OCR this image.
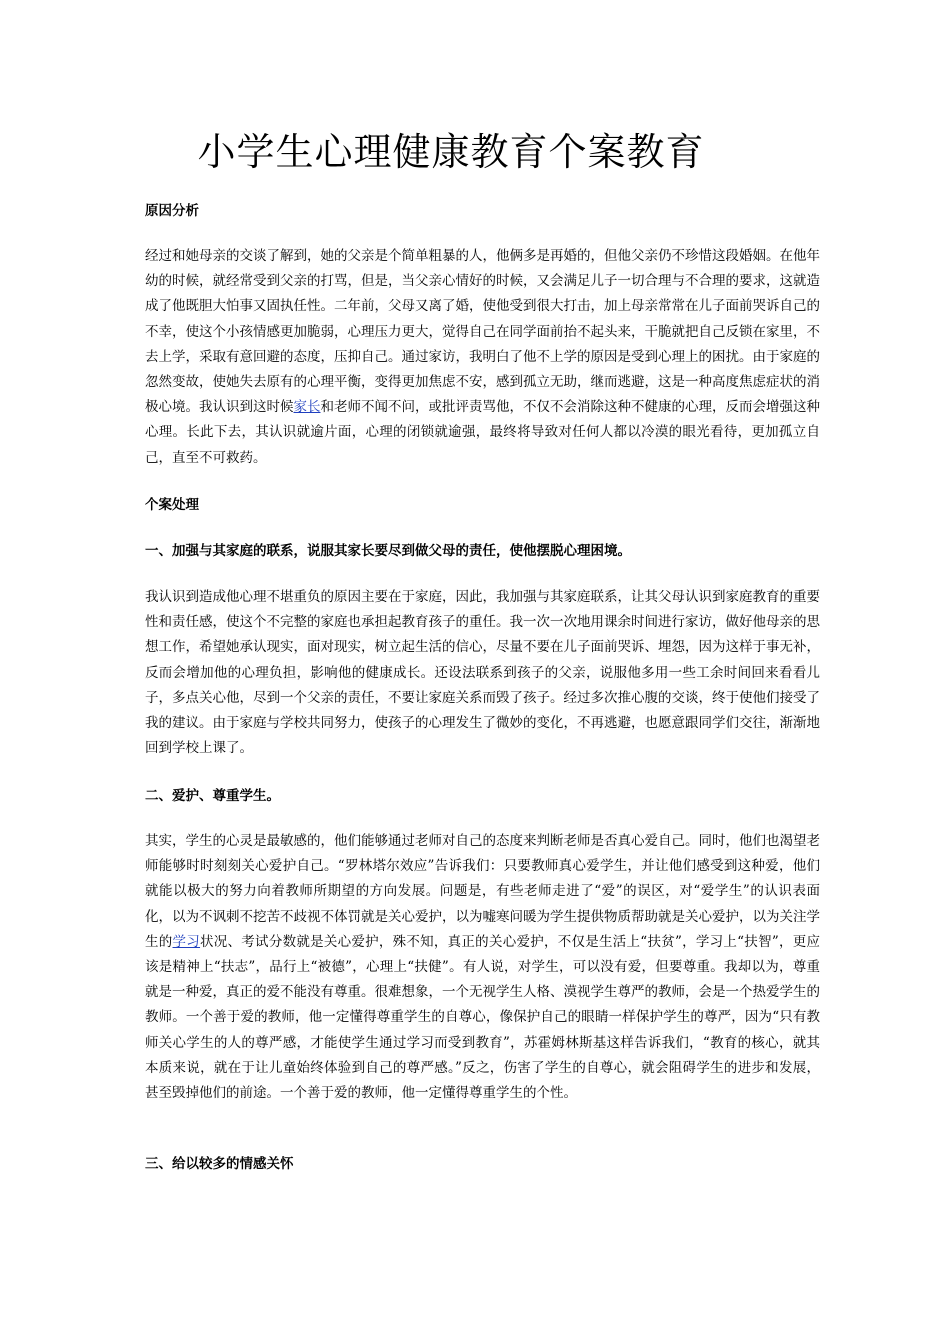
小学生心理健康教育个案教育

原因分析

经过和她母亲的交谈了解到，她的父亲是个简单粗暴的人，他俩多是再婚的，但他父亲仍不珍惜这段婚姻。在他年幼的时候，就经常受到父亲的打骂，但是，当父亲心情好的时候，又会满足儿子一切合理与不合理的要求，这就造成了他既胆大怕事又固执任性。二年前，父母又离了婚，使他受到很大打击，加上母亲常常在儿子面前哭诉自己的不幸，使这个小孩情感更加脆弱，心理压力更大，觉得自己在同学面前抬不起头来，干脆就把自己反锁在家里，不去上学，采取有意回避的态度，压抑自己。通过家访，我明白了他不上学的原因是受到心理上的困扰。由于家庭的忽然变故，使她失去原有的心理平衡，变得更加焦虑不安，感到孤立无助，继而逃避，这是一种高度焦虑症状的消极心境。我认识到这时候家长和老师不闻不问，或批评责骂他，不仅不会消除这种不健康的心理，反而会增强这种心理。长此下去，其认识就逾片面，心理的闭锁就逾强，最终将导致对任何人都以冷漠的眼光看待，更加孤立自己，直至不可救药。

个案处理

一、加强与其家庭的联系，说服其家长要尽到做父母的责任，使他摆脱心理困境。

我认识到造成他心理不堪重负的原因主要在于家庭，因此，我加强与其家庭联系，让其父母认识到家庭教育的重要性和责任感，使这个不完整的家庭也承担起教育孩子的重任。我一次一次地用课余时间进行家访，做好他母亲的思想工作，希望她承认现实，面对现实，树立起生活的信心，尽量不要在儿子面前哭诉、埋怨，因为这样于事无补，反而会增加他的心理负担，影响他的健康成长。还设法联系到孩子的父亲，说服他多用一些工余时间回来看看儿子，多点关心他，尽到一个父亲的责任，不要让家庭关系而毁了孩子。经过多次推心腹的交谈，终于使他们接受了我的建议。由于家庭与学校共同努力，使孩子的心理发生了微妙的变化，不再逃避，也愿意跟同学们交往，渐渐地回到学校上课了。

二、爱护、尊重学生。

其实，学生的心灵是最敏感的，他们能够通过老师对自己的态度来判断老师是否真心爱自己。同时，他们也渴望老师能够时时刻刻关心爱护自己。“罗林塔尔效应”告诉我们：只要教师真心爱学生，并让他们感受到这种爱，他们就能以极大的努力向着教师所期望的方向发展。问题是，有些老师走进了“爱”的误区，对“爱学生”的认识表面化，以为不讽刺不挖苦不歧视不体罚就是关心爱护，以为嘘寒问暖为学生提供物质帮助就是关心爱护，以为关注学生的学习状况、考试分数就是关心爱护，殊不知，真正的关心爱护，不仅是生活上“扶贫”，学习上“扶智”，更应该是精神上“扶志”，品行上“被德”，心理上“扶健”。有人说，对学生，可以没有爱，但要尊重。我却以为，尊重就是一种爱，真正的爱不能没有尊重。很难想象，一个无视学生人格、漠视学生尊严的教师，会是一个热爱学生的教师。一个善于爱的教师，他一定懂得尊重学生的自尊心，像保护自己的眼睛一样保护学生的尊严，因为“只有教师关心学生的人的尊严感，才能使学生通过学习而受到教育”，苏霍姆林斯基这样告诉我们，“教育的核心，就其本质来说，就在于让儿童始终体验到自己的尊严感。”反之，伤害了学生的自尊心，就会阻碍学生的进步和发展，甚至毁掉他们的前途。一个善于爱的教师，他一定懂得尊重学生的个性。

三、给以较多的情感关怀
